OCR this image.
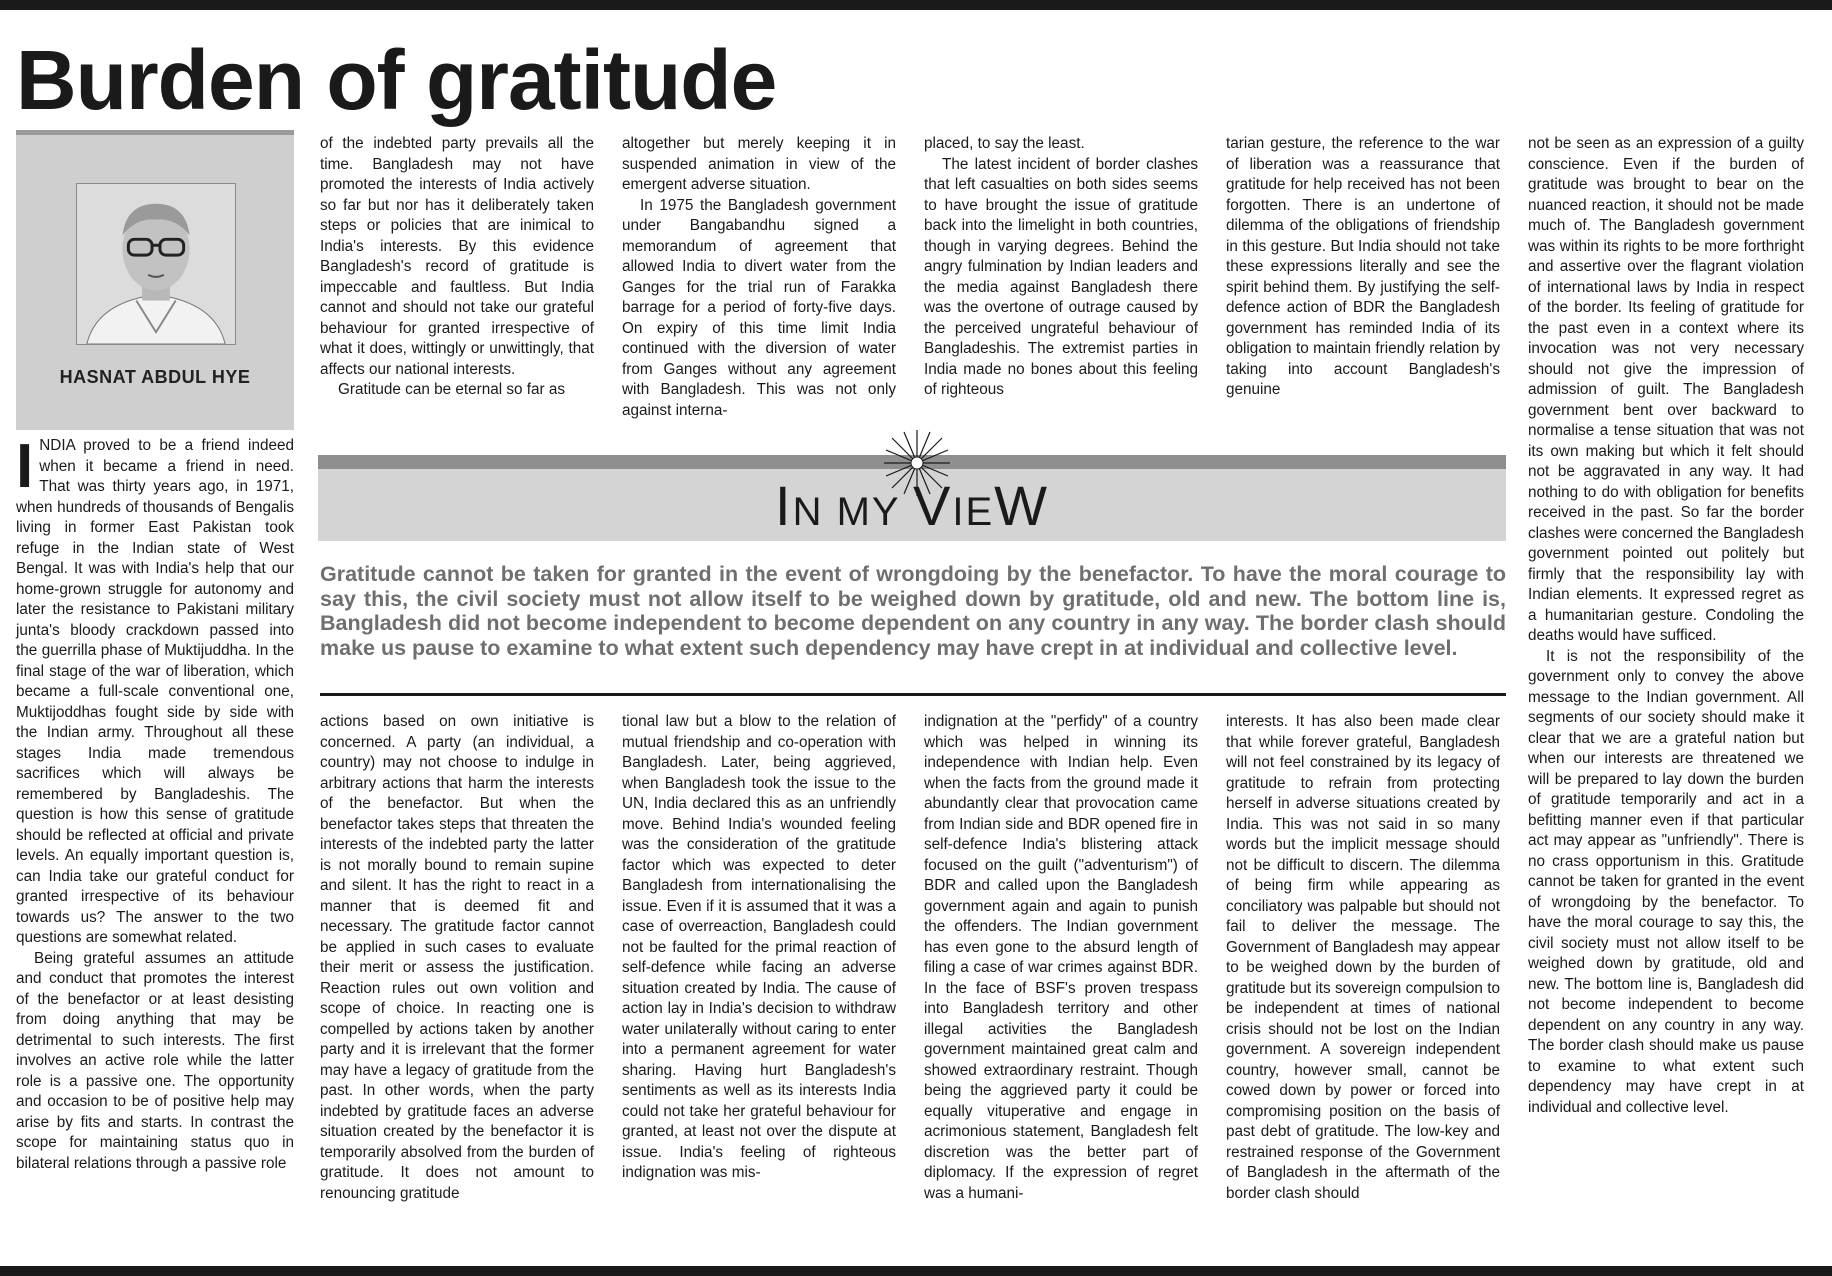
Burden of gratitude
HASNAT ABDUL HYE

INDIA proved to be a friend indeed when it became a friend in need. That was thirty years ago, in 1971, when hundreds of thousands of Bengalis living in former East Pakistan took refuge in the Indian state of West Bengal. It was with India's help that our home-grown struggle for autonomy and later the resistance to Pakistani military junta's bloody crackdown passed into the guerrilla phase of Muktijuddha. In the final stage of the war of liberation, which became a full-scale conventional one, Muktijoddhas fought side by side with the Indian army. Throughout all these stages India made tremendous sacrifices which will always be remembered by Bangladeshis. The question is how this sense of gratitude should be reflected at official and private levels. An equally important question is, can India take our grateful conduct for granted irrespective of its behaviour towards us? The answer to the two questions are somewhat related.

Being grateful assumes an attitude and conduct that promotes the interest of the benefactor or at least desisting from doing anything that may be detrimental to such interests. The first involves an active role while the latter role is a passive one. The opportunity and occasion to be of positive help may arise by fits and starts. In contrast the scope for maintaining status quo in bilateral relations through a passive role

of the indebted party prevails all the time. Bangladesh may not have promoted the interests of India actively so far but nor has it deliberately taken steps or policies that are inimical to India's interests. By this evidence Bangladesh's record of gratitude is impeccable and faultless. But India cannot and should not take our grateful behaviour for granted irrespective of what it does, wittingly or unwittingly, that affects our national interests.

Gratitude can be eternal so far as

altogether but merely keeping it in suspended animation in view of the emergent adverse situation.

In 1975 the Bangladesh government under Bangabandhu signed a memorandum of agreement that allowed India to divert water from the Ganges for the trial run of Farakka barrage for a period of forty-five days. On expiry of this time limit India continued with the diversion of water from Ganges without any agreement with Bangladesh. This was not only against interna-

placed, to say the least.

The latest incident of border clashes that left casualties on both sides seems to have brought the issue of gratitude back into the limelight in both countries, though in varying degrees. Behind the angry fulmination by Indian leaders and the media against Bangladesh there was the overtone of outrage caused by the perceived ungrateful behaviour of Bangladeshis. The extremist parties in India made no bones about this feeling of righteous

tarian gesture, the reference to the war of liberation was a reassurance that gratitude for help received has not been forgotten. There is an undertone of dilemma of the obligations of friendship in this gesture. But India should not take these expressions literally and see the spirit behind them. By justifying the self-defence action of BDR the Bangladesh government has reminded India of its obligation to maintain friendly relation by taking into account Bangladesh's genuine

IN MY VIEW
Gratitude cannot be taken for granted in the event of wrongdoing by the benefactor. To have the moral courage to say this, the civil society must not allow itself to be weighed down by gratitude, old and new. The bottom line is, Bangladesh did not become independent to become dependent on any country in any way. The border clash should make us pause to examine to what extent such dependency may have crept in at individual and collective level.

actions based on own initiative is concerned. A party (an individual, a country) may not choose to indulge in arbitrary actions that harm the interests of the benefactor. But when the benefactor takes steps that threaten the interests of the indebted party the latter is not morally bound to remain supine and silent. It has the right to react in a manner that is deemed fit and necessary. The gratitude factor cannot be applied in such cases to evaluate their merit or assess the justification. Reaction rules out own volition and scope of choice. In reacting one is compelled by actions taken by another party and it is irrelevant that the former may have a legacy of gratitude from the past. In other words, when the party indebted by gratitude faces an adverse situation created by the benefactor it is temporarily absolved from the burden of gratitude. It does not amount to renouncing gratitude

tional law but a blow to the relation of mutual friendship and co-operation with Bangladesh. Later, being aggrieved, when Bangladesh took the issue to the UN, India declared this as an unfriendly move. Behind India's wounded feeling was the consideration of the gratitude factor which was expected to deter Bangladesh from internationalising the issue. Even if it is assumed that it was a case of overreaction, Bangladesh could not be faulted for the primal reaction of self-defence while facing an adverse situation created by India. The cause of action lay in India's decision to withdraw water unilaterally without caring to enter into a permanent agreement for water sharing. Having hurt Bangladesh's sentiments as well as its interests India could not take her grateful behaviour for granted, at least not over the dispute at issue. India's feeling of righteous indignation was mis-

indignation at the "perfidy" of a country which was helped in winning its independence with Indian help. Even when the facts from the ground made it abundantly clear that provocation came from Indian side and BDR opened fire in self-defence India's blistering attack focused on the guilt ("adventurism") of BDR and called upon the Bangladesh government again and again to punish the offenders. The Indian government has even gone to the absurd length of filing a case of war crimes against BDR. In the face of BSF's proven trespass into Bangladesh territory and other illegal activities the Bangladesh government maintained great calm and showed extraordinary restraint. Though being the aggrieved party it could be equally vituperative and engage in acrimonious statement, Bangladesh felt discretion was the better part of diplomacy. If the expression of regret was a humani-

interests. It has also been made clear that while forever grateful, Bangladesh will not feel constrained by its legacy of gratitude to refrain from protecting herself in adverse situations created by India. This was not said in so many words but the implicit message should not be difficult to discern. The dilemma of being firm while appearing as conciliatory was palpable but should not fail to deliver the message. The Government of Bangladesh may appear to be weighed down by the burden of gratitude but its sovereign compulsion to be independent at times of national crisis should not be lost on the Indian government. A sovereign independent country, however small, cannot be cowed down by power or forced into compromising position on the basis of past debt of gratitude. The low-key and restrained response of the Government of Bangladesh in the aftermath of the border clash should

not be seen as an expression of a guilty conscience. Even if the burden of gratitude was brought to bear on the nuanced reaction, it should not be made much of. The Bangladesh government was within its rights to be more forthright and assertive over the flagrant violation of international laws by India in respect of the border. Its feeling of gratitude for the past even in a context where its invocation was not very necessary should not give the impression of admission of guilt. The Bangladesh government bent over backward to normalise a tense situation that was not its own making but which it felt should not be aggravated in any way. It had nothing to do with obligation for benefits received in the past. So far the border clashes were concerned the Bangladesh government pointed out politely but firmly that the responsibility lay with Indian elements. It expressed regret as a humanitarian gesture. Condoling the deaths would have sufficed.

It is not the responsibility of the government only to convey the above message to the Indian government. All segments of our society should make it clear that we are a grateful nation but when our interests are threatened we will be prepared to lay down the burden of gratitude temporarily and act in a befitting manner even if that particular act may appear as "unfriendly". There is no crass opportunism in this. Gratitude cannot be taken for granted in the event of wrongdoing by the benefactor. To have the moral courage to say this, the civil society must not allow itself to be weighed down by gratitude, old and new. The bottom line is, Bangladesh did not become independent to become dependent on any country in any way. The border clash should make us pause to examine to what extent such dependency may have crept in at individual and collective level.
